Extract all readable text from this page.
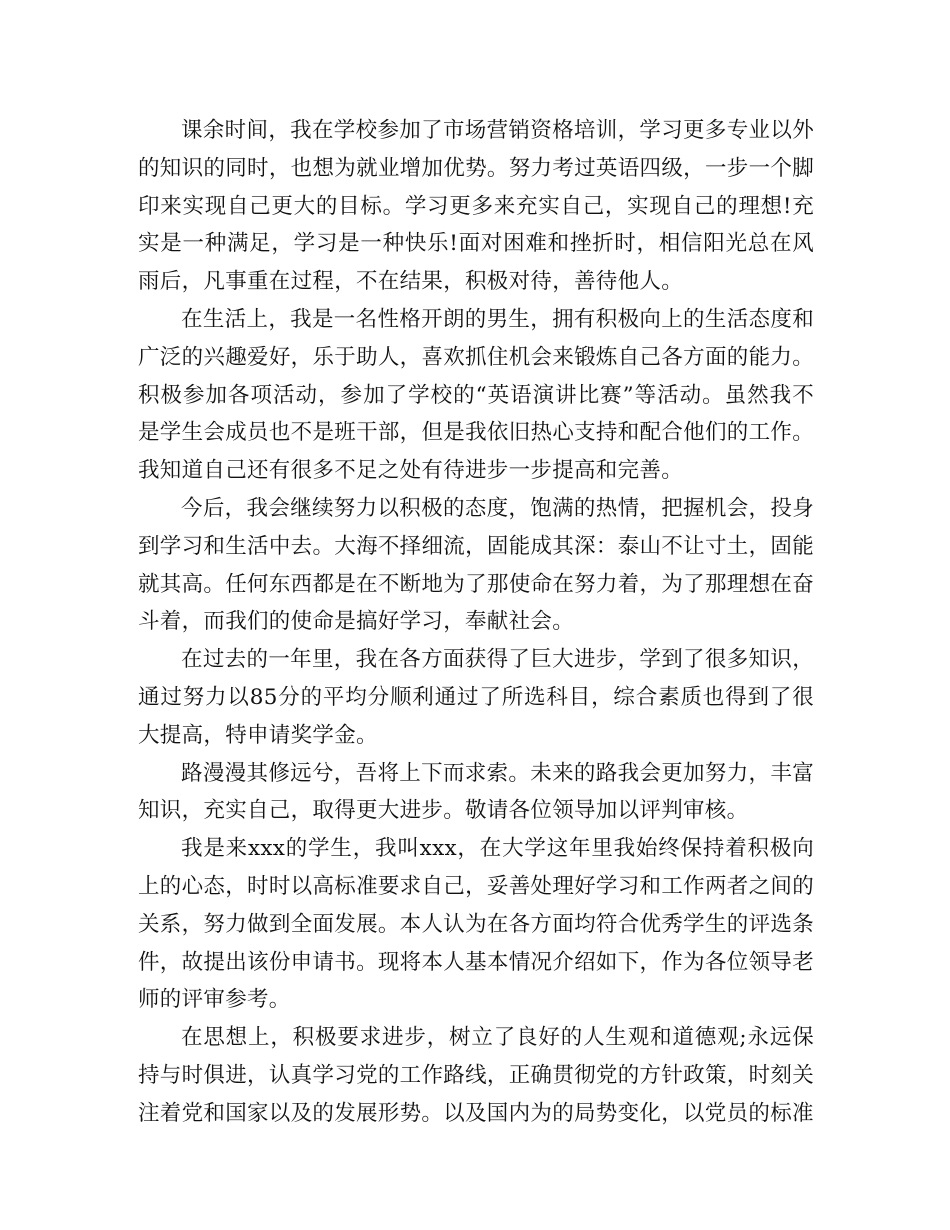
课余时间，我在学校参加了市场营销资格培训，学习更多专业以外的知识的同时，也想为就业增加优势。努力考过英语四级，一步一个脚印来实现自己更大的目标。学习更多来充实自己，实现自己的理想!充实是一种满足，学习是一种快乐!面对困难和挫折时，相信阳光总在风雨后，凡事重在过程，不在结果，积极对待，善待他人。

在生活上，我是一名性格开朗的男生，拥有积极向上的生活态度和广泛的兴趣爱好，乐于助人，喜欢抓住机会来锻炼自己各方面的能力。积极参加各项活动，参加了学校的“英语演讲比赛”等活动。虽然我不是学生会成员也不是班干部，但是我依旧热心支持和配合他们的工作。我知道自己还有很多不足之处有待进步一步提高和完善。

今后，我会继续努力以积极的态度，饱满的热情，把握机会，投身到学习和生活中去。大海不择细流，固能成其深：泰山不让寸土，固能就其高。任何东西都是在不断地为了那使命在努力着，为了那理想在奋斗着，而我们的使命是搞好学习，奉献社会。

在过去的一年里，我在各方面获得了巨大进步，学到了很多知识，通过努力以85分的平均分顺利通过了所选科目，综合素质也得到了很大提高，特申请奖学金。

路漫漫其修远兮，吾将上下而求索。未来的路我会更加努力，丰富知识，充实自己，取得更大进步。敬请各位领导加以评判审核。

我是来xxx的学生，我叫xxx，在大学这年里我始终保持着积极向上的心态，时时以高标准要求自己，妥善处理好学习和工作两者之间的关系，努力做到全面发展。本人认为在各方面均符合优秀学生的评选条件，故提出该份申请书。现将本人基本情况介绍如下，作为各位领导老师的评审参考。

在思想上，积极要求进步，树立了良好的人生观和道德观;永远保持与时俱进，认真学习党的工作路线，正确贯彻党的方针政策，时刻关注着党和国家以及的发展形势。以及国内为的局势变化，以党员的标准
